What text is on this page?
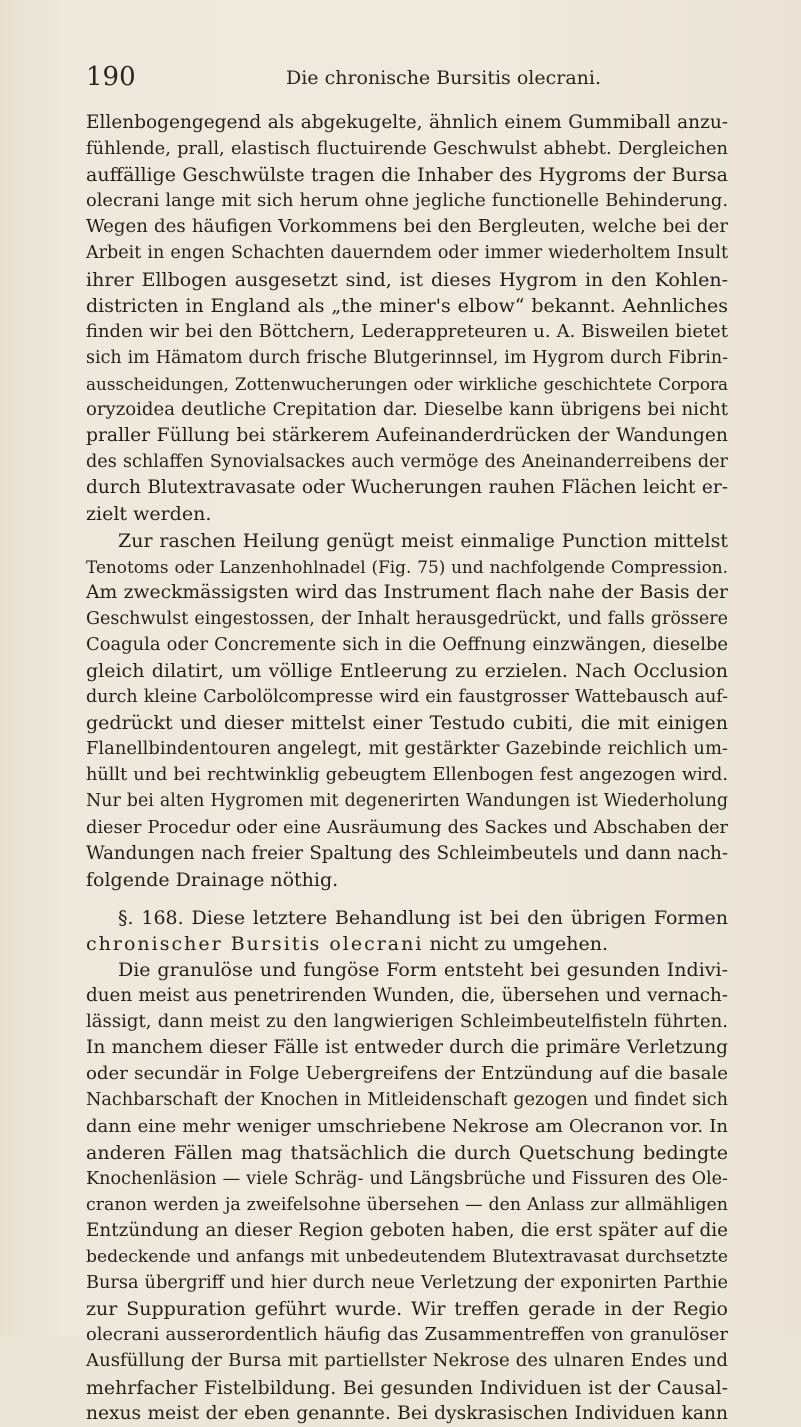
190	Die chronische Bursitis olecrani.
Ellenbogengegend als abgekugelte, ähnlich einem Gummiball anzu-
fühlende, prall, elastisch fluctuirende Geschwulst abhebt. Dergleichen
auffällige Geschwülste tragen die Inhaber des Hygroms der Bursa
olecrani lange mit sich herum ohne jegliche functionelle Behinderung.
Wegen des häufigen Vorkommens bei den Bergleuten, welche bei der
Arbeit in engen Schachten dauerndem oder immer wiederholtem Insult
ihrer Ellbogen ausgesetzt sind, ist dieses Hygrom in den Kohlen-
districten in England als „the miner's elbow“ bekannt. Aehnliches
finden wir bei den Böttchern, Lederappreteuren u. A. Bisweilen bietet
sich im Hämatom durch frische Blutgerinnsel, im Hygrom durch Fibrin-
ausscheidungen, Zottenwucherungen oder wirkliche geschichtete Corpora
oryzoidea deutliche Crepitation dar. Dieselbe kann übrigens bei nicht
praller Füllung bei stärkerem Aufeinanderdrücken der Wandungen
des schlaffen Synovialsackes auch vermöge des Aneinanderreibens der
durch Blutextravasate oder Wucherungen rauhen Flächen leicht er-
zielt werden.
Zur raschen Heilung genügt meist einmalige Punction mittelst
Tenotoms oder Lanzenhohlnadel (Fig. 75) und nachfolgende Compression.
Am zweckmässigsten wird das Instrument flach nahe der Basis der
Geschwulst eingestossen, der Inhalt herausgedrückt, und falls grössere
Coagula oder Concremente sich in die Oeffnung einzwängen, dieselbe
gleich dilatirt, um völlige Entleerung zu erzielen. Nach Occlusion
durch kleine Carbolölcompresse wird ein faustgrosser Wattebausch auf-
gedrückt und dieser mittelst einer Testudo cubiti, die mit einigen
Flanellbindentouren angelegt, mit gestärkter Gazebinde reichlich um-
hüllt und bei rechtwinklig gebeugtem Ellenbogen fest angezogen wird.
Nur bei alten Hygromen mit degenerirten Wandungen ist Wiederholung
dieser Procedur oder eine Ausräumung des Sackes und Abschaben der
Wandungen nach freier Spaltung des Schleimbeutels und dann nach-
folgende Drainage nöthig.
§. 168. Diese letztere Behandlung ist bei den übrigen Formen
chronischer Bursitis olecrani nicht zu umgehen.
Die granulöse und fungöse Form entsteht bei gesunden Indivi-
duen meist aus penetrirenden Wunden, die, übersehen und vernach-
lässigt, dann meist zu den langwierigen Schleimbeutelfisteln führten.
In manchem dieser Fälle ist entweder durch die primäre Verletzung
oder secundär in Folge Uebergreifens der Entzündung auf die basale
Nachbarschaft der Knochen in Mitleidenschaft gezogen und findet sich
dann eine mehr weniger umschriebene Nekrose am Olecranon vor. In
anderen Fällen mag thatsächlich die durch Quetschung bedingte
Knochenläsion — viele Schräg- und Längsbrüche und Fissuren des Ole-
cranon werden ja zweifelsohne übersehen — den Anlass zur allmähligen
Entzündung an dieser Region geboten haben, die erst später auf die
bedeckende und anfangs mit unbedeutendem Blutextravasat durchsetzte
Bursa übergriff und hier durch neue Verletzung der exponirten Parthie
zur Suppuration geführt wurde. Wir treffen gerade in der Regio
olecrani ausserordentlich häufig das Zusammentreffen von granulöser
Ausfüllung der Bursa mit partiellster Nekrose des ulnaren Endes und
mehrfacher Fistelbildung. Bei gesunden Individuen ist der Causal-
nexus meist der eben genannte. Bei dyskrasischen Individuen kann
